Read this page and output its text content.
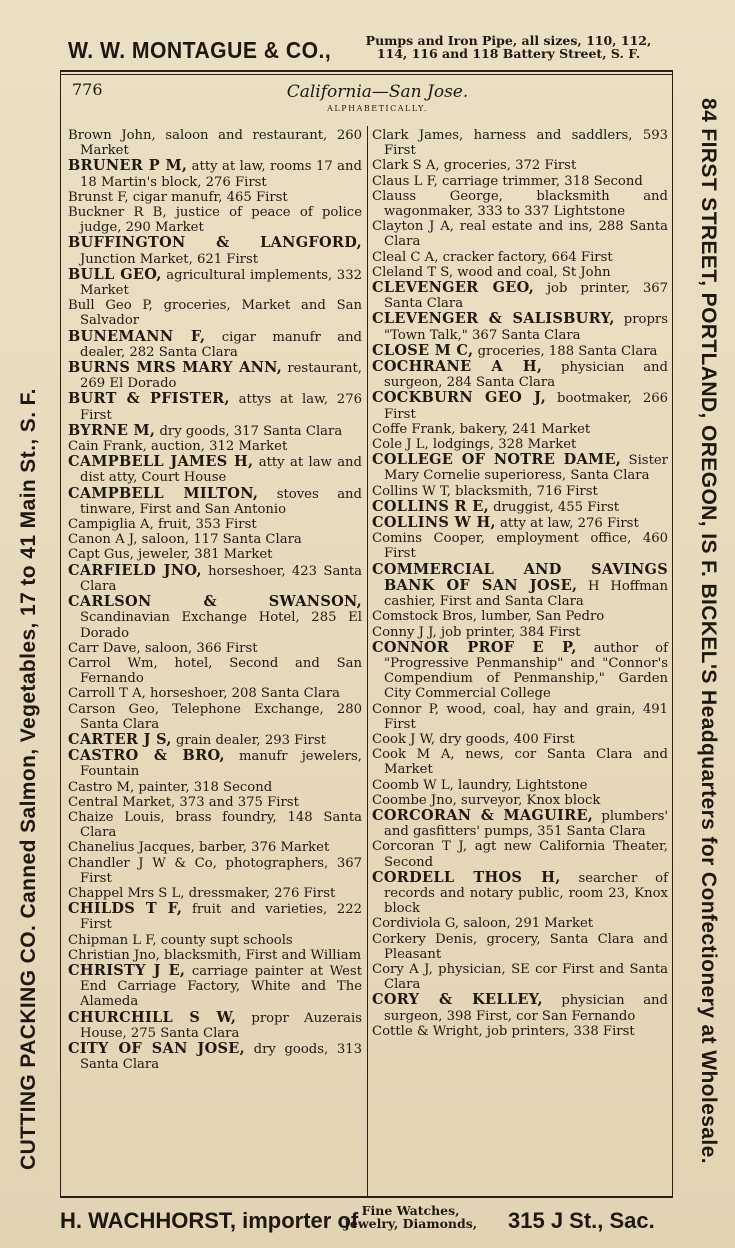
W. W. MONTAGUE & CO.,	Pumps and Iron Pipe, all sizes, 110, 112,
114, 116 and 118 Battery Street, S. F.
CUTTING PACKING CO. Canned Salmon, Vegetables, 17 to 41 Main St., S. F.	84 FIRST STREET, PORTLAND, OREGON, IS F. BICKEL'S Headquarters for Confectionery at Wholesale.
776	California—San Jose.
ALPHABETICALLY.
Brown John, saloon and restaurant, 260 Market
BRUNER P M, atty at law, rooms 17 and 18 Martin's block, 276 First
Brunst F, cigar manufr, 465 First
Buckner R B, justice of peace of police judge, 290 Market
BUFFINGTON & LANGFORD, Junction Market, 621 First
BULL GEO, agricultural implements, 332 Market
Bull Geo P, groceries, Market and San Salvador
BUNEMANN F, cigar manufr and dealer, 282 Santa Clara
BURNS MRS MARY ANN, restaurant, 269 El Dorado
BURT & PFISTER, attys at law, 276 First
BYRNE M, dry goods, 317 Santa Clara
Cain Frank, auction, 312 Market
CAMPBELL JAMES H, atty at law and dist atty, Court House
CAMPBELL MILTON, stoves and tinware, First and San Antonio
Campiglia A, fruit, 353 First
Canon A J, saloon, 117 Santa Clara
Capt Gus, jeweler, 381 Market
CARFIELD JNO, horseshoer, 423 Santa Clara
CARLSON & SWANSON, Scandinavian Exchange Hotel, 285 El Dorado
Carr Dave, saloon, 366 First
Carrol Wm, hotel, Second and San Fernando
Carroll T A, horseshoer, 208 Santa Clara
Carson Geo, Telephone Exchange, 280 Santa Clara
CARTER J S, grain dealer, 293 First
CASTRO & BRO, manufr jewelers, Fountain
Castro M, painter, 318 Second
Central Market, 373 and 375 First
Chaize Louis, brass foundry, 148 Santa Clara
Chanelius Jacques, barber, 376 Market
Chandler J W & Co, photographers, 367 First
Chappel Mrs S L, dressmaker, 276 First
CHILDS T F, fruit and varieties, 222 First
Chipman L F, county supt schools
Christian Jno, blacksmith, First and William
CHRISTY J E, carriage painter at West End Carriage Factory, White and The Alameda
CHURCHILL S W, propr Auzerais House, 275 Santa Clara
CITY OF SAN JOSE, dry goods, 313 Santa Clara
Clark James, harness and saddlers, 593 First
Clark S A, groceries, 372 First
Claus L F, carriage trimmer, 318 Second
Clauss George, blacksmith and wagonmaker, 333 to 337 Lightstone
Clayton J A, real estate and ins, 288 Santa Clara
Cleal C A, cracker factory, 664 First
Cleland T S, wood and coal, St John
CLEVENGER GEO, job printer, 367 Santa Clara
CLEVENGER & SALISBURY, proprs "Town Talk," 367 Santa Clara
CLOSE M C, groceries, 188 Santa Clara
COCHRANE A H, physician and surgeon, 284 Santa Clara
COCKBURN GEO J, bootmaker, 266 First
Coffe Frank, bakery, 241 Market
Cole J L, lodgings, 328 Market
COLLEGE OF NOTRE DAME, Sister Mary Cornelie superioress, Santa Clara
Collins W T, blacksmith, 716 First
COLLINS R E, druggist, 455 First
COLLINS W H, atty at law, 276 First
Comins Cooper, employment office, 460 First
COMMERCIAL AND SAVINGS BANK OF SAN JOSE, H Hoffman cashier, First and Santa Clara
Comstock Bros, lumber, San Pedro
Conny J J, job printer, 384 First
CONNOR PROF E P, author of "Progressive Penmanship" and "Connor's Compendium of Penmanship," Garden City Commercial College
Connor P, wood, coal, hay and grain, 491 First
Cook J W, dry goods, 400 First
Cook M A, news, cor Santa Clara and Market
Coomb W L, laundry, Lightstone
Coombe Jno, surveyor, Knox block
CORCORAN & MAGUIRE, plumbers' and gasfitters' pumps, 351 Santa Clara
Corcoran T J, agt new California Theater, Second
CORDELL THOS H, searcher of records and notary public, room 23, Knox block
Cordiviola G, saloon, 291 Market
Corkery Denis, grocery, Santa Clara and Pleasant
Cory A J, physician, SE cor First and Santa Clara
CORY & KELLEY, physician and surgeon, 398 First, cor San Fernando
Cottle & Wright, job printers, 338 First
H. WACHHORST, importer of Fine Watches,
Jewelry, Diamonds, 315 J St., Sac.
